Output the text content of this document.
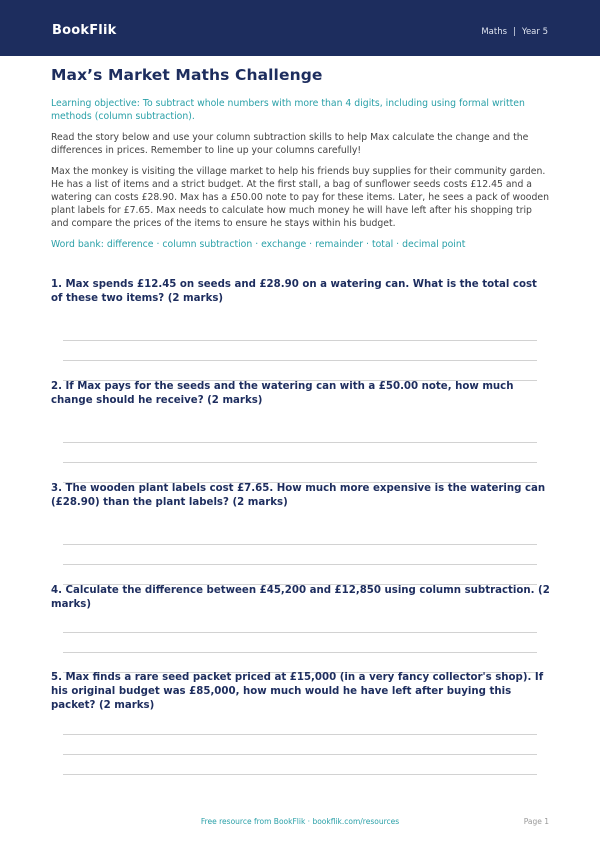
BookFlik	Maths | Year 5
Max’s Market Maths Challenge
Learning objective: To subtract whole numbers with more than 4 digits, including using formal written methods (column subtraction).
Read the story below and use your column subtraction skills to help Max calculate the change and the differences in prices. Remember to line up your columns carefully!
Max the monkey is visiting the village market to help his friends buy supplies for their community garden. He has a list of items and a strict budget. At the first stall, a bag of sunflower seeds costs £12.45 and a watering can costs £28.90. Max has a £50.00 note to pay for these items. Later, he sees a pack of wooden plant labels for £7.65. Max needs to calculate how much money he will have left after his shopping trip and compare the prices of the items to ensure he stays within his budget.
Word bank: difference · column subtraction · exchange · remainder · total · decimal point
1. Max spends £12.45 on seeds and £28.90 on a watering can. What is the total cost of these two items? (2 marks)
2. If Max pays for the seeds and the watering can with a £50.00 note, how much change should he receive? (2 marks)
3. The wooden plant labels cost £7.65. How much more expensive is the watering can (£28.90) than the plant labels? (2 marks)
4. Calculate the difference between £45,200 and £12,850 using column subtraction. (2 marks)
5. Max finds a rare seed packet priced at £15,000 (in a very fancy collector's shop). If his original budget was £85,000, how much would he have left after buying this packet? (2 marks)
Free resource from BookFlik · bookflik.com/resources	Page 1
